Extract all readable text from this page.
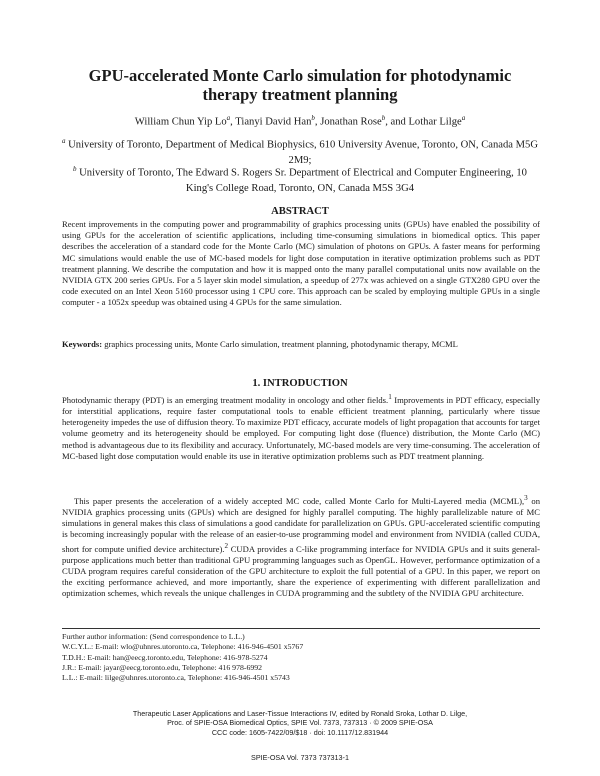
GPU-accelerated Monte Carlo simulation for photodynamic
therapy treatment planning
William Chun Yip Lo$^a$, Tianyi David Han$^b$, Jonathan Rose$^b$, and Lothar Lilge$^a$
$^a$ University of Toronto, Department of Medical Biophysics, 610 University Avenue, Toronto, ON, Canada M5G 2M9;
$^b$ University of Toronto, The Edward S. Rogers Sr. Department of Electrical and Computer Engineering, 10 King's College Road, Toronto, ON, Canada M5S 3G4
ABSTRACT
Recent improvements in the computing power and programmability of graphics processing units (GPUs) have enabled the possibility of using GPUs for the acceleration of scientific applications, including time-consuming simulations in biomedical optics. This paper describes the acceleration of a standard code for the Monte Carlo (MC) simulation of photons on GPUs. A faster means for performing MC simulations would enable the use of MC-based models for light dose computation in iterative optimization problems such as PDT treatment planning. We describe the computation and how it is mapped onto the many parallel computational units now available on the NVIDIA GTX 200 series GPUs. For a 5 layer skin model simulation, a speedup of 277x was achieved on a single GTX280 GPU over the code executed on an Intel Xeon 5160 processor using 1 CPU core. This approach can be scaled by employing multiple GPUs in a single computer - a 1052x speedup was obtained using 4 GPUs for the same simulation.
Keywords: graphics processing units, Monte Carlo simulation, treatment planning, photodynamic therapy, MCML
1. INTRODUCTION
Photodynamic therapy (PDT) is an emerging treatment modality in oncology and other fields.$^1$ Improvements in PDT efficacy, especially for interstitial applications, require faster computational tools to enable efficient treatment planning, particularly where tissue heterogeneity impedes the use of diffusion theory. To maximize PDT efficacy, accurate models of light propagation that accounts for target volume geometry and its heterogeneity should be employed. For computing light dose (fluence) distribution, the Monte Carlo (MC) method is advantageous due to its flexibility and accuracy. Unfortunately, MC-based models are very time-consuming. The acceleration of MC-based light dose computation would enable its use in iterative optimization problems such as PDT treatment planning.
This paper presents the acceleration of a widely accepted MC code, called Monte Carlo for Multi-Layered media (MCML),$^3$ on NVIDIA graphics processing units (GPUs) which are designed for highly parallel computing. The highly parallelizable nature of MC simulations in general makes this class of simulations a good candidate for parallelization on GPUs. GPU-accelerated scientific computing is becoming increasingly popular with the release of an easier-to-use programming model and environment from NVIDIA (called CUDA, short for compute unified device architecture).$^2$ CUDA provides a C-like programming interface for NVIDIA GPUs and it suits general-purpose applications much better than traditional GPU programming languages such as OpenGL. However, performance optimization of a CUDA program requires careful consideration of the GPU architecture to exploit the full potential of a GPU. In this paper, we report on the exciting performance achieved, and more importantly, share the experience of experimenting with different parallelization and optimization schemes, which reveals the unique challenges in CUDA programming and the subtlety of the NVIDIA GPU architecture.
Further author information: (Send correspondence to L.L.)
W.C.Y.L.: E-mail: wlo@uhnres.utoronto.ca, Telephone: 416-946-4501 x5767
T.D.H.: E-mail: han@eecg.toronto.edu, Telephone: 416-978-5274
J.R.: E-mail: jayar@eecg.toronto.edu, Telephone: 416 978-6992
L.L.: E-mail: lilge@uhnres.utoronto.ca, Telephone: 416-946-4501 x5743
Therapeutic Laser Applications and Laser-Tissue Interactions IV, edited by Ronald Sroka, Lothar D. Lilge,
Proc. of SPIE-OSA Biomedical Optics, SPIE Vol. 7373, 737313 · © 2009 SPIE-OSA
CCC code: 1605-7422/09/$18 · doi: 10.1117/12.831944
SPIE-OSA Vol. 7373 737313-1
